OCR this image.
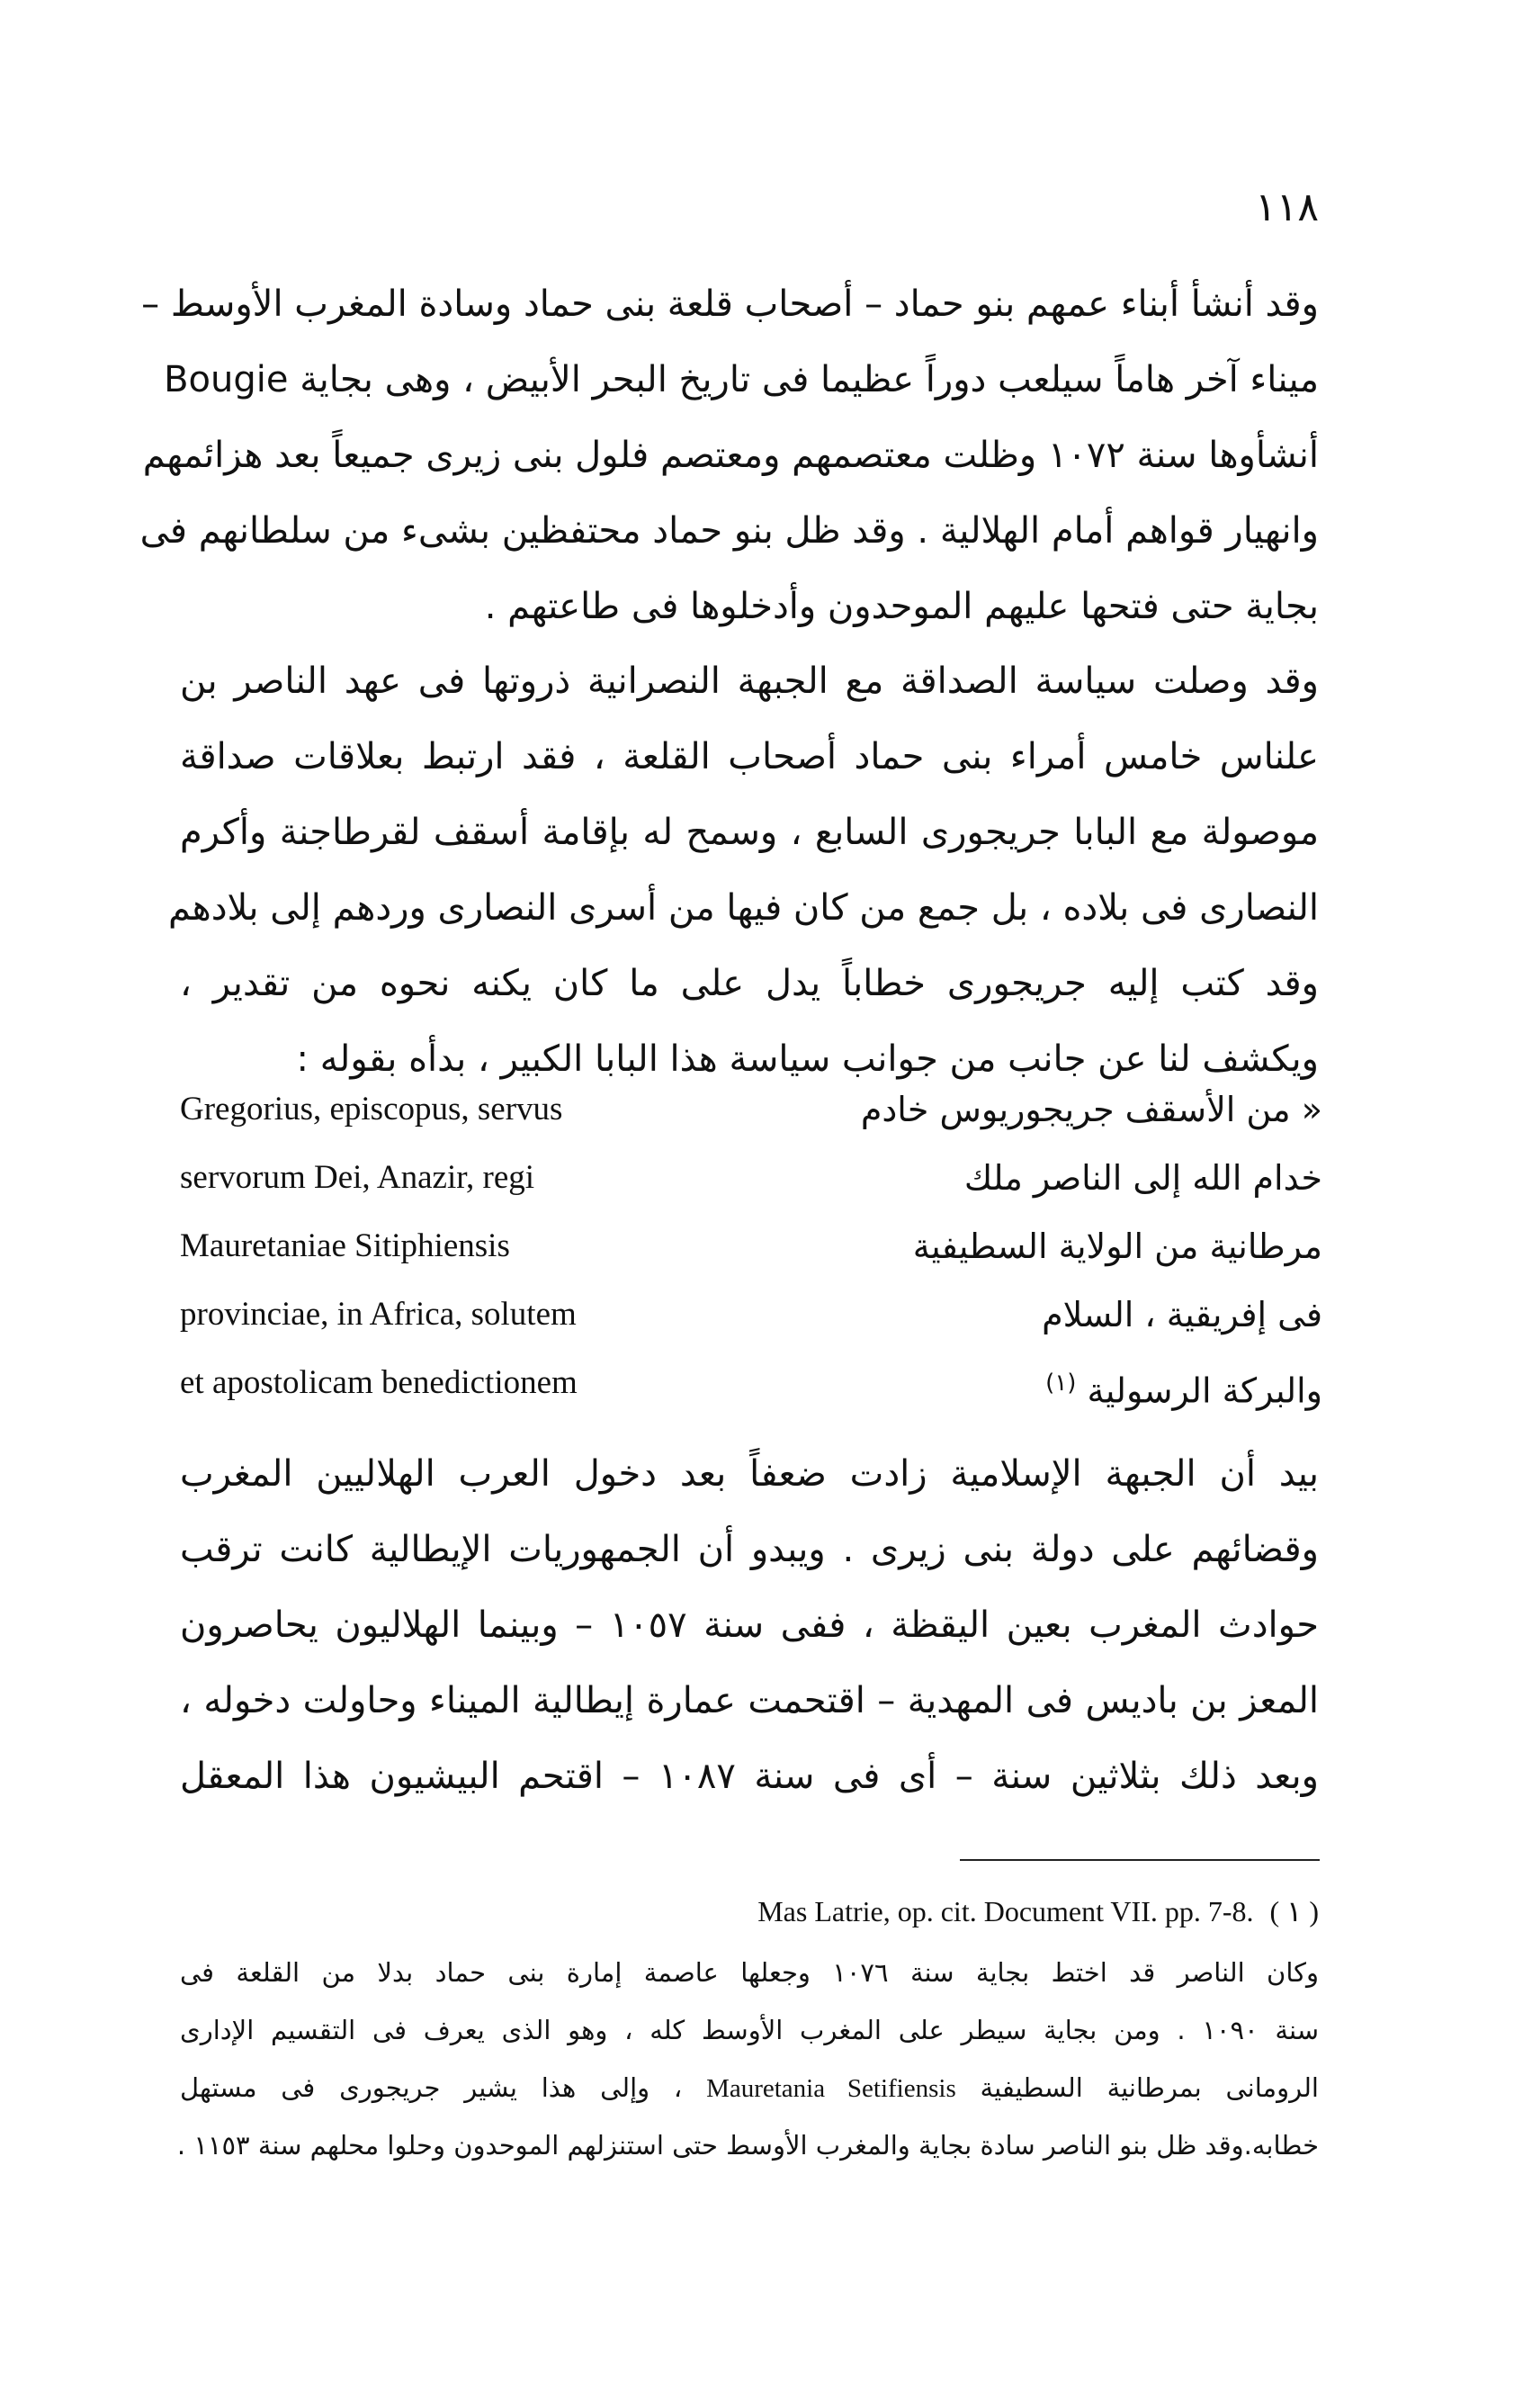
١١٨
وقد أنشأ أبناء عمهم بنو حماد – أصحاب قلعة بنى حماد وسادة المغرب الأوسط –
ميناء آخر هاماً سيلعب دوراً عظيما فى تاريخ البحر الأبيض ، وهى بجاية Bougie
أنشأوها سنة ١٠٧٢ وظلت معتصمهم ومعتصم فلول بنى زيرى جميعاً بعد هزائمهم
وانهيار قواهم أمام الهلالية . وقد ظل بنو حماد محتفظين بشىء من سلطانهم فى
بجاية حتى فتحها عليهم الموحدون وأدخلوها فى طاعتهم .
وقد وصلت سياسة الصداقة مع الجبهة النصرانية ذروتها فى عهد الناصر بن
علناس خامس أمراء بنى حماد أصحاب القلعة ، فقد ارتبط بعلاقات صداقة
موصولة مع البابا جريجورى السابع ، وسمح له بإقامة أسقف لقرطاجنة وأكرم
النصارى فى بلاده ، بل جمع من كان فيها من أسرى النصارى وردهم إلى بلادهم
وقد كتب إليه جريجورى خطاباً يدل على ما كان يكنه نحوه من تقدير ،
ويكشف لنا عن جانب من جوانب سياسة هذا البابا الكبير ، بدأه بقوله :
Gregorius, episcopus, servus	« من الأسقف جريجوريوس خادم
servorum Dei, Anazir, regi	خدام الله إلى الناصر ملك
Mauretaniae Sitiphiensis	مرطانية من الولاية السطيفية
provinciae, in Africa, solutem	فى إفريقية ، السلام
et apostolicam benedictionem	والبركة الرسولية $^{(١)}$
بيد أن الجبهة الإسلامية زادت ضعفاً بعد دخول العرب الهلاليين المغرب
وقضائهم على دولة بنى زيرى . ويبدو أن الجمهوريات الإيطالية كانت ترقب
حوادث المغرب بعين اليقظة ، ففى سنة ١٠٥٧ – وبينما الهلاليون يحاصرون
المعز بن باديس فى المهدية – اقتحمت عمارة إيطالية الميناء وحاولت دخوله ،
وبعد ذلك بثلاثين سنة – أى فى سنة ١٠٨٧ – اقتحم البيشيون هذا المعقل
Mas Latrie, op. cit. Document VII. pp. 7-8. ( ١ )
وكان الناصر قد اختط بجاية سنة ١٠٧٦ وجعلها عاصمة إمارة بنى حماد بدلا من القلعة فى
سنة ١٠٩٠ . ومن بجاية سيطر على المغرب الأوسط كله ، وهو الذى يعرف فى التقسيم الإدارى
الرومانى بمرطانية السطيفية Mauretania Setifiensis ، وإلى هذا يشير جريجورى فى مستهل
خطابه.وقد ظل بنو الناصر سادة بجاية والمغرب الأوسط حتى استنزلهم الموحدون وحلوا محلهم سنة ١١٥٣ .
